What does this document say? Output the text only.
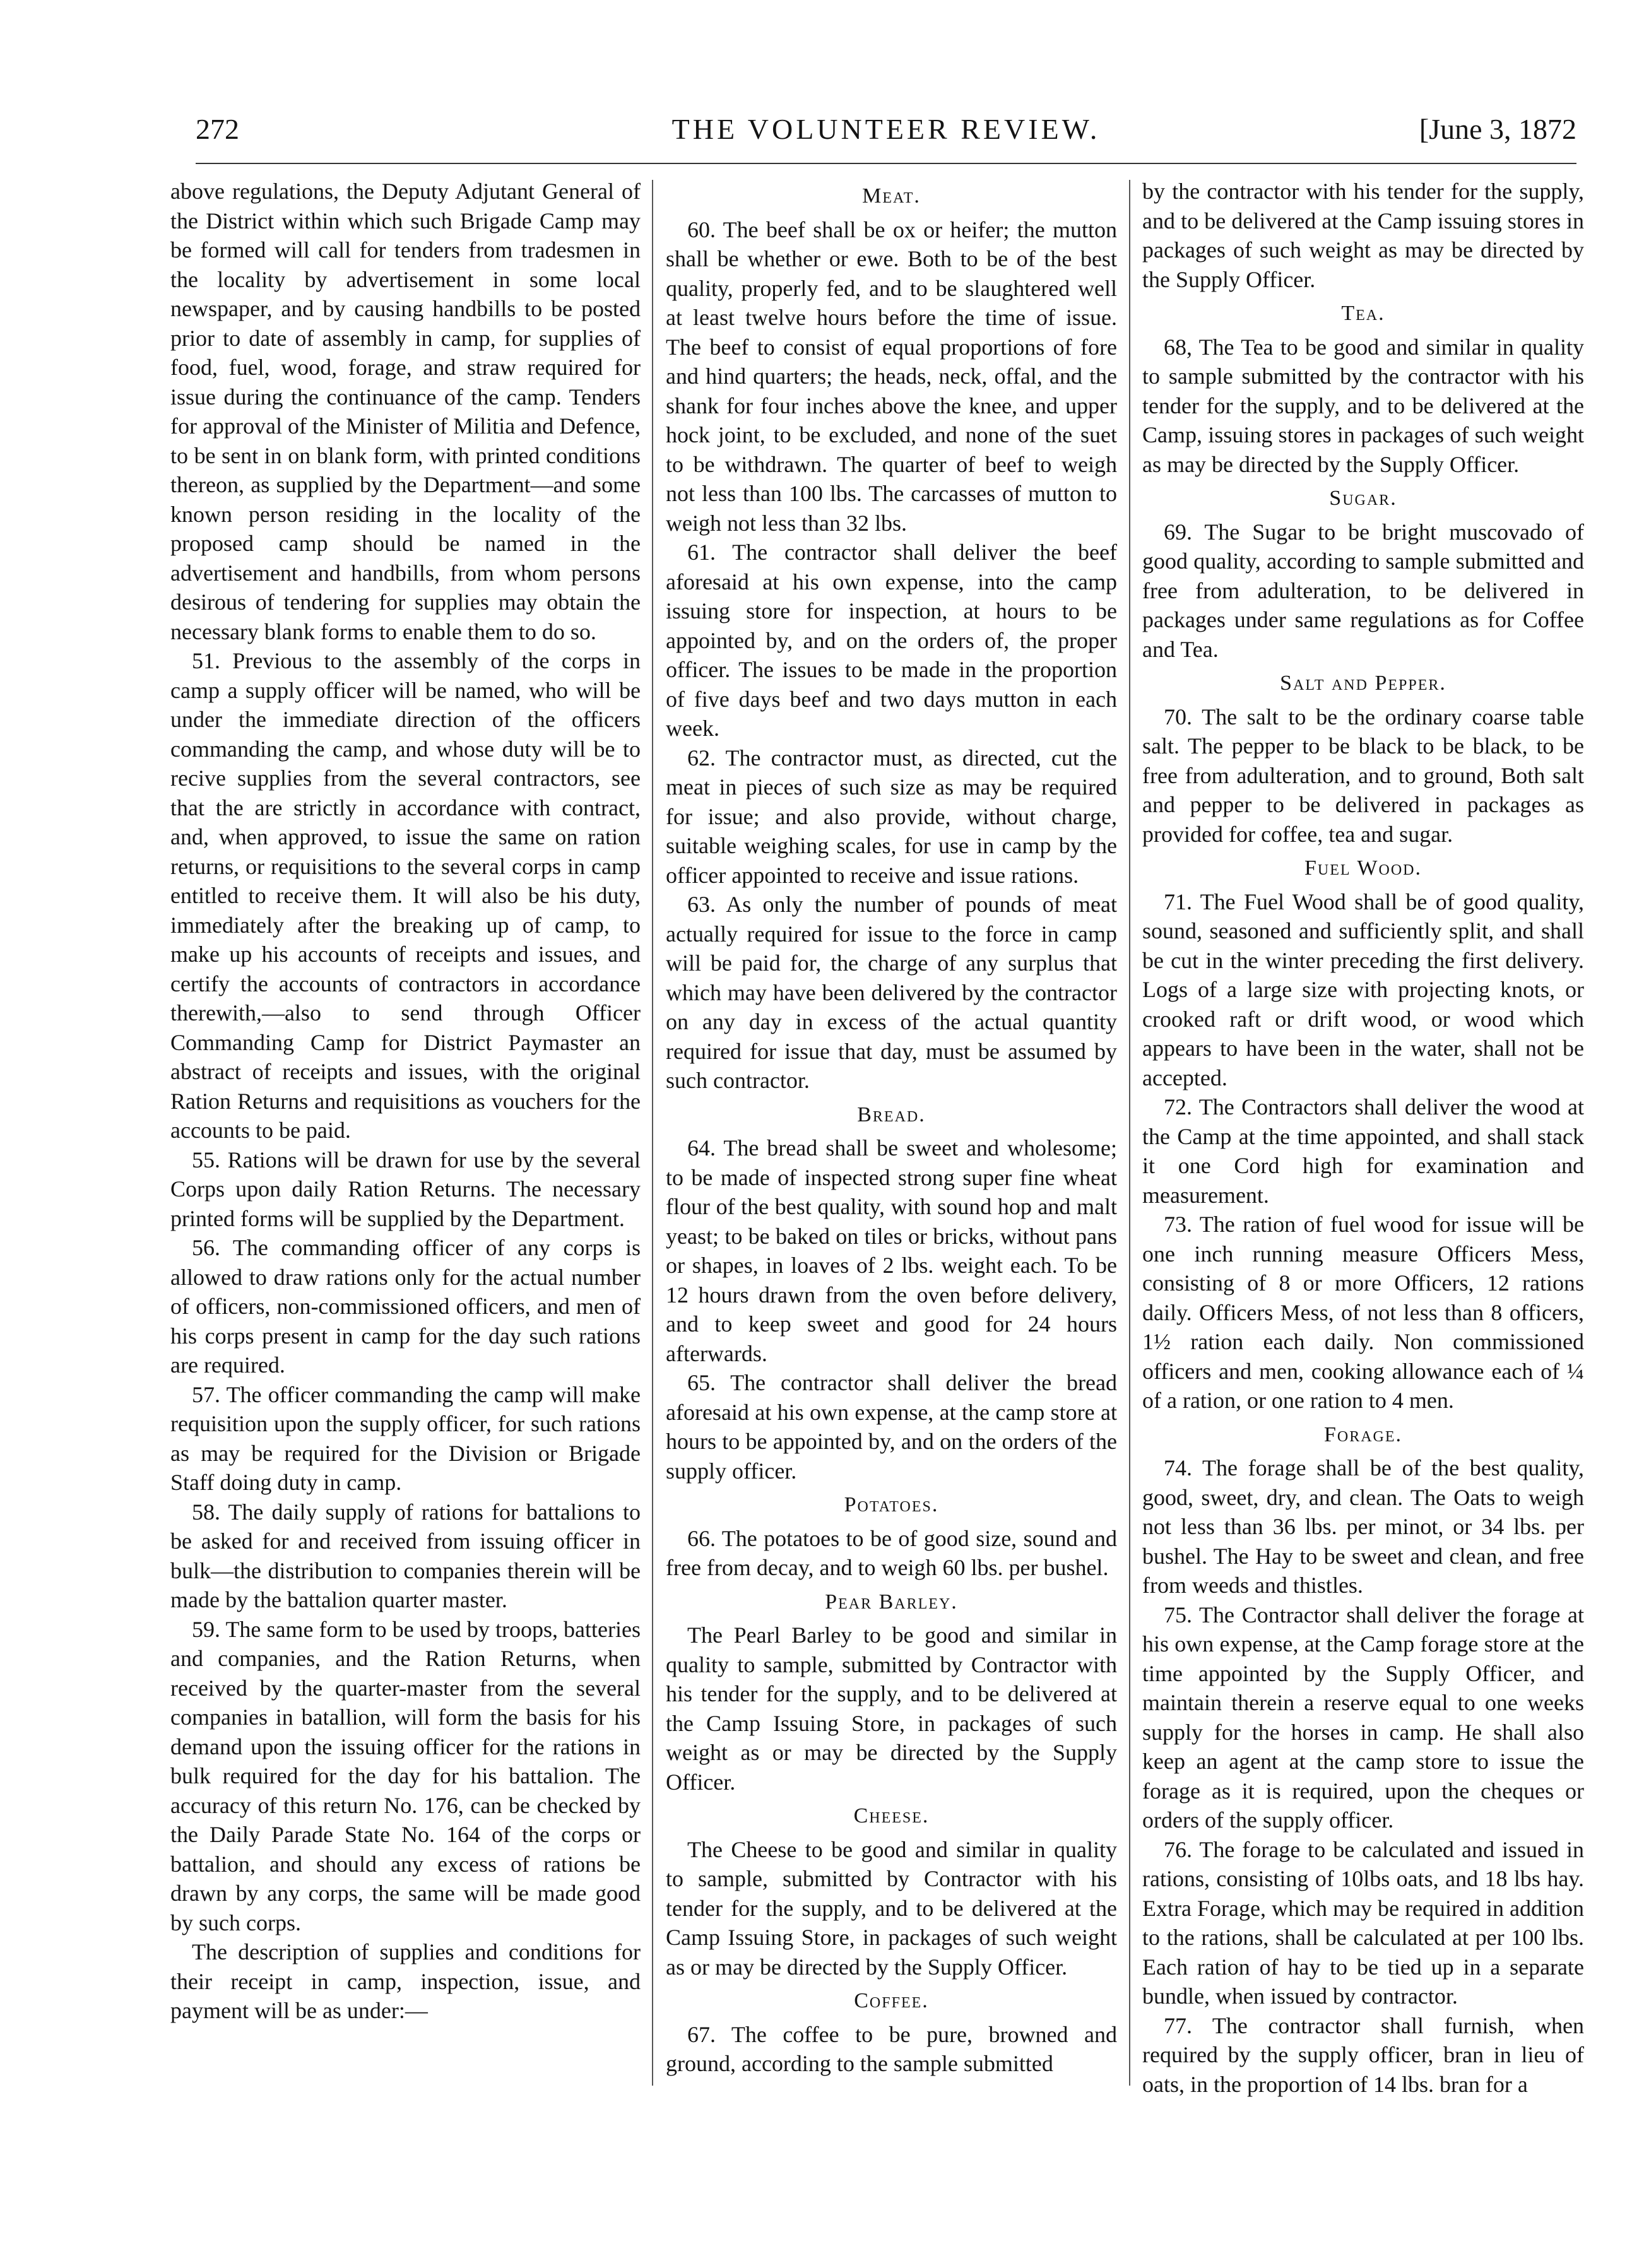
272	THE VOLUNTEER REVIEW.	[June 3, 1872

above regulations, the Deputy Adjutant General of the District within which such Brigade Camp may be formed will call for tenders from tradesmen in the locality by advertisement in some local newspaper, and by causing handbills to be posted prior to date of assembly in camp, for supplies of food, fuel, wood, forage, and straw required for issue during the continuance of the camp. Tenders for approval of the Minister of Militia and Defence, to be sent in on blank form, with printed conditions thereon, as supplied by the Department—and some known person residing in the locality of the proposed camp should be named in the advertisement and handbills, from whom persons desirous of tendering for supplies may obtain the necessary blank forms to enable them to do so.

51. Previous to the assembly of the corps in camp a supply officer will be named, who will be under the immediate direction of the officers commanding the camp, and whose duty will be to recive supplies from the several contractors, see that the are strictly in accordance with contract, and, when approved, to issue the same on ration returns, or requisitions to the several corps in camp entitled to receive them. It will also be his duty, immediately after the breaking up of camp, to make up his accounts of receipts and issues, and certify the accounts of contractors in accordance therewith,—also to send through Officer Commanding Camp for District Paymaster an abstract of receipts and issues, with the original Ration Returns and requisitions as vouchers for the accounts to be paid.

55. Rations will be drawn for use by the several Corps upon daily Ration Returns. The necessary printed forms will be supplied by the Department.

56. The commanding officer of any corps is allowed to draw rations only for the actual number of officers, non-commissioned officers, and men of his corps present in camp for the day such rations are required.

57. The officer commanding the camp will make requisition upon the supply officer, for such rations as may be required for the Division or Brigade Staff doing duty in camp.

58. The daily supply of rations for battalions to be asked for and received from issuing officer in bulk—the distribution to companies therein will be made by the battalion quarter master.

59. The same form to be used by troops, batteries and companies, and the Ration Returns, when received by the quarter-master from the several companies in batallion, will form the basis for his demand upon the issuing officer for the rations in bulk required for the day for his battalion. The accuracy of this return No. 176, can be checked by the Daily Parade State No. 164 of the corps or battalion, and should any excess of rations be drawn by any corps, the same will be made good by such corps.

The description of supplies and conditions for their receipt in camp, inspection, issue, and payment will be as under:—

Meat.

60. The beef shall be ox or heifer; the mutton shall be whether or ewe. Both to be of the best quality, properly fed, and to be slaughtered well at least twelve hours before the time of issue. The beef to consist of equal proportions of fore and hind quarters; the heads, neck, offal, and the shank for four inches above the knee, and upper hock joint, to be excluded, and none of the suet to be withdrawn. The quarter of beef to weigh not less than 100 lbs. The carcasses of mutton to weigh not less than 32 lbs.

61. The contractor shall deliver the beef aforesaid at his own expense, into the camp issuing store for inspection, at hours to be appointed by, and on the orders of, the proper officer. The issues to be made in the proportion of five days beef and two days mutton in each week.

62. The contractor must, as directed, cut the meat in pieces of such size as may be required for issue; and also provide, without charge, suitable weighing scales, for use in camp by the officer appointed to receive and issue rations.

63. As only the number of pounds of meat actually required for issue to the force in camp will be paid for, the charge of any surplus that which may have been delivered by the contractor on any day in excess of the actual quantity required for issue that day, must be assumed by such contractor.

Bread.

64. The bread shall be sweet and wholesome; to be made of inspected strong super fine wheat flour of the best quality, with sound hop and malt yeast; to be baked on tiles or bricks, without pans or shapes, in loaves of 2 lbs. weight each. To be 12 hours drawn from the oven before delivery, and to keep sweet and good for 24 hours afterwards.

65. The contractor shall deliver the bread aforesaid at his own expense, at the camp store at hours to be appointed by, and on the orders of the supply officer.

Potatoes.

66. The potatoes to be of good size, sound and free from decay, and to weigh 60 lbs. per bushel.

Pear Barley.

The Pearl Barley to be good and similar in quality to sample, submitted by Contractor with his tender for the supply, and to be delivered at the Camp Issuing Store, in packages of such weight as or may be directed by the Supply Officer.

Cheese.

The Cheese to be good and similar in quality to sample, submitted by Contractor with his tender for the supply, and to be delivered at the Camp Issuing Store, in packages of such weight as or may be directed by the Supply Officer.

Coffee.

67. The coffee to be pure, browned and ground, according to the sample submitted

by the contractor with his tender for the supply, and to be delivered at the Camp issuing stores in packages of such weight as may be directed by the Supply Officer.

Tea.

68, The Tea to be good and similar in quality to sample submitted by the contractor with his tender for the supply, and to be delivered at the Camp, issuing stores in packages of such weight as may be directed by the Supply Officer.

Sugar.

69. The Sugar to be bright muscovado of good quality, according to sample submitted and free from adulteration, to be delivered in packages under same regulations as for Coffee and Tea.

Salt and Pepper.

70. The salt to be the ordinary coarse table salt. The pepper to be black to be black, to be free from adulteration, and to ground, Both salt and pepper to be delivered in packages as provided for coffee, tea and sugar.

Fuel Wood.

71. The Fuel Wood shall be of good quality, sound, seasoned and sufficiently split, and shall be cut in the winter preceding the first delivery. Logs of a large size with projecting knots, or crooked raft or drift wood, or wood which appears to have been in the water, shall not be accepted.

72. The Contractors shall deliver the wood at the Camp at the time appointed, and shall stack it one Cord high for examination and measurement.

73. The ration of fuel wood for issue will be one inch running measure Officers Mess, consisting of 8 or more Officers, 12 rations daily. Officers Mess, of not less than 8 officers, 1½ ration each daily. Non commissioned officers and men, cooking allowance each of ¼ of a ration, or one ration to 4 men.

Forage.

74. The forage shall be of the best quality, good, sweet, dry, and clean. The Oats to weigh not less than 36 lbs. per minot, or 34 lbs. per bushel. The Hay to be sweet and clean, and free from weeds and thistles.

75. The Contractor shall deliver the forage at his own expense, at the Camp forage store at the time appointed by the Supply Officer, and maintain therein a reserve equal to one weeks supply for the horses in camp. He shall also keep an agent at the camp store to issue the forage as it is required, upon the cheques or orders of the supply officer.

76. The forage to be calculated and issued in rations, consisting of 10lbs oats, and 18 lbs hay. Extra Forage, which may be required in addition to the rations, shall be calculated at per 100 lbs. Each ration of hay to be tied up in a separate bundle, when issued by contractor.

77. The contractor shall furnish, when required by the supply officer, bran in lieu of oats, in the proportion of 14 lbs. bran for a
